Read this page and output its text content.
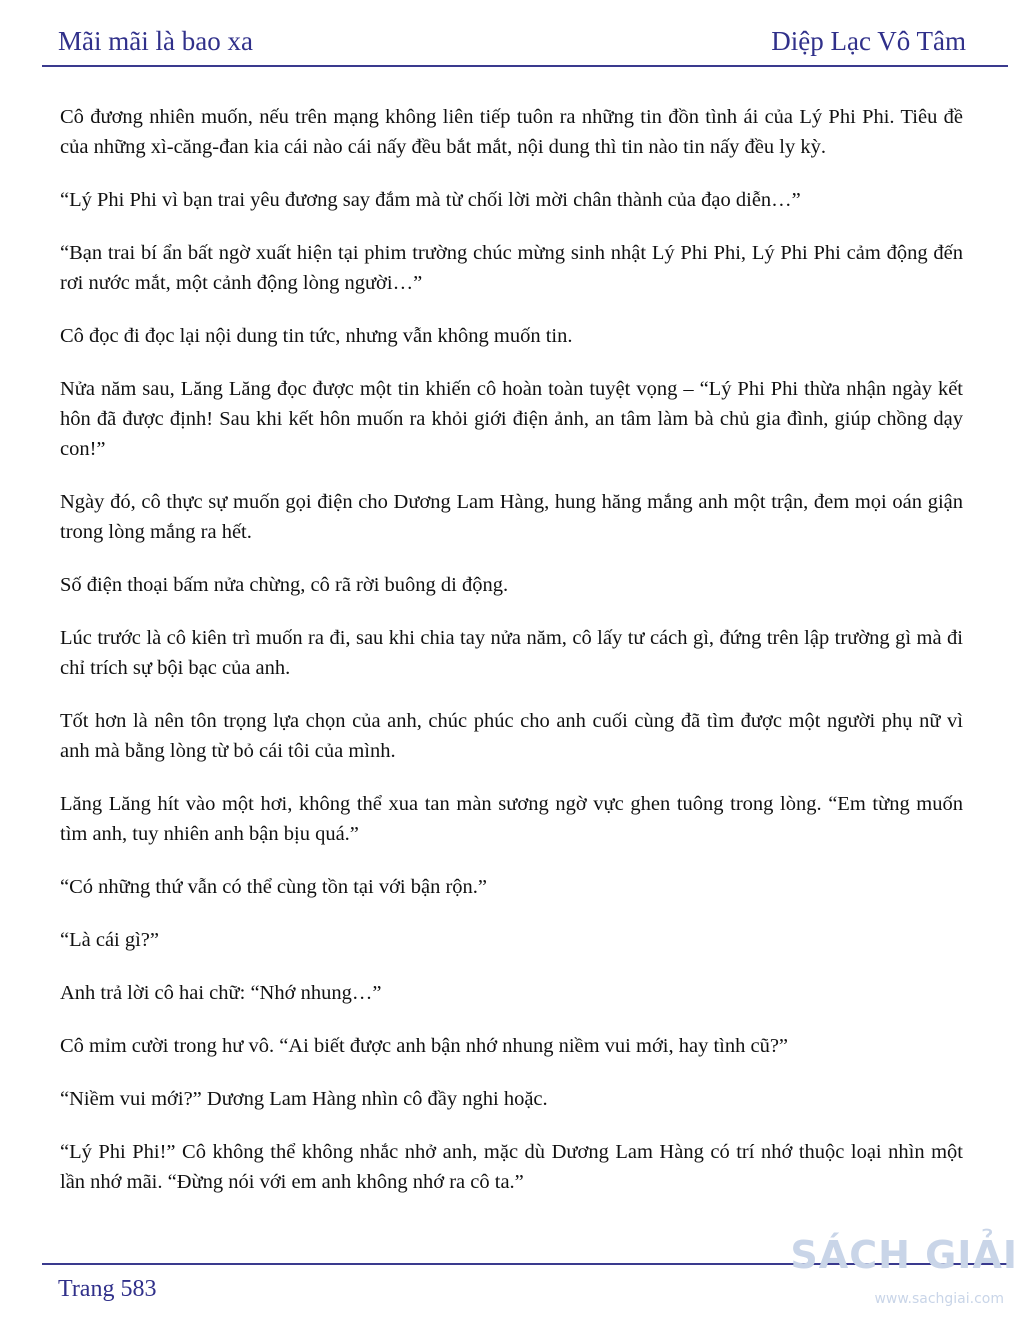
Mãi mãi là bao xa	Diệp Lạc Vô Tâm

Cô đương nhiên muốn, nếu trên mạng không liên tiếp tuôn ra những tin đồn tình ái của Lý Phi Phi. Tiêu đề của những xì-căng-đan kia cái nào cái nấy đều bắt mắt, nội dung thì tin nào tin nấy đều ly kỳ.

“Lý Phi Phi vì bạn trai yêu đương say đắm mà từ chối lời mời chân thành của đạo diễn…”

“Bạn trai bí ẩn bất ngờ xuất hiện tại phim trường chúc mừng sinh nhật Lý Phi Phi, Lý Phi Phi cảm động đến rơi nước mắt, một cảnh động lòng người…”

Cô đọc đi đọc lại nội dung tin tức, nhưng vẫn không muốn tin.

Nửa năm sau, Lăng Lăng đọc được một tin khiến cô hoàn toàn tuyệt vọng – “Lý Phi Phi thừa nhận ngày kết hôn đã được định! Sau khi kết hôn muốn ra khỏi giới điện ảnh, an tâm làm bà chủ gia đình, giúp chồng dạy con!”

Ngày đó, cô thực sự muốn gọi điện cho Dương Lam Hàng, hung hăng mắng anh một trận, đem mọi oán giận trong lòng mắng ra hết.

Số điện thoại bấm nửa chừng, cô rã rời buông di động.

Lúc trước là cô kiên trì muốn ra đi, sau khi chia tay nửa năm, cô lấy tư cách gì, đứng trên lập trường gì mà đi chỉ trích sự bội bạc của anh.

Tốt hơn là nên tôn trọng lựa chọn của anh, chúc phúc cho anh cuối cùng đã tìm được một người phụ nữ vì anh mà bằng lòng từ bỏ cái tôi của mình.

Lăng Lăng hít vào một hơi, không thể xua tan màn sương ngờ vực ghen tuông trong lòng. “Em từng muốn tìm anh, tuy nhiên anh bận bịu quá.”

“Có những thứ vẫn có thể cùng tồn tại với bận rộn.”

“Là cái gì?”

Anh trả lời cô hai chữ: “Nhớ nhung…”

Cô mỉm cười trong hư vô. “Ai biết được anh bận nhớ nhung niềm vui mới, hay tình cũ?”

“Niềm vui mới?” Dương Lam Hàng nhìn cô đầy nghi hoặc.

“Lý Phi Phi!” Cô không thể không nhắc nhở anh, mặc dù Dương Lam Hàng có trí nhớ thuộc loại nhìn một lần nhớ mãi. “Đừng nói với em anh không nhớ ra cô ta.”

Trang 583
SÁCH GIẢI
www.sachgiai.com
